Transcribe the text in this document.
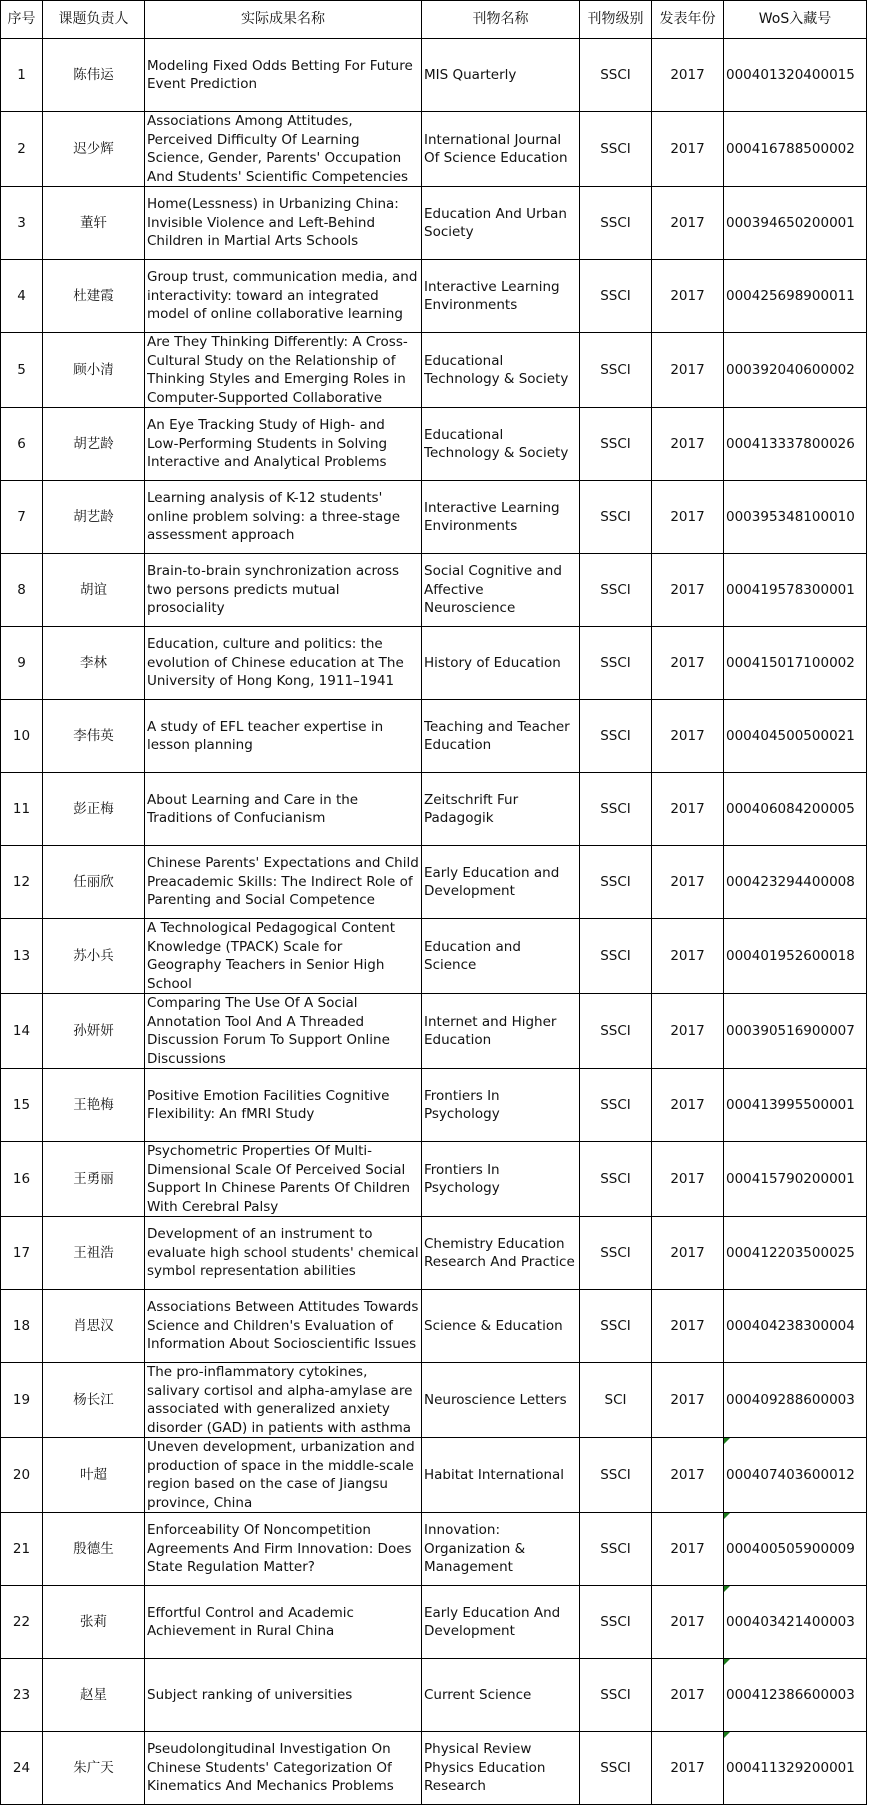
序号	课题负责人	实际成果名称	刊物名称	刊物级别	发表年份	WoS入藏号

1	陈伟运	Modeling Fixed Odds Betting For Future Event Prediction	MIS Quarterly	SSCI	2017	000401320400015

2	迟少辉	Associations Among Attitudes, Perceived Difficulty Of Learning Science, Gender, Parents' Occupation And Students' Scientific Competencies	International Journal Of Science Education	SSCI	2017	000416788500002

3	董轩	Home(Lessness) in Urbanizing China: Invisible Violence and Left-Behind Children in Martial Arts Schools	Education And Urban Society	SSCI	2017	000394650200001

4	杜建霞	Group trust, communication media, and interactivity: toward an integrated model of online collaborative learning	Interactive Learning Environments	SSCI	2017	000425698900011

5	顾小清	Are They Thinking Differently: A Cross-Cultural Study on the Relationship of Thinking Styles and Emerging Roles in Computer-Supported Collaborative	Educational Technology & Society	SSCI	2017	000392040600002

6	胡艺龄	An Eye Tracking Study of High- and Low-Performing Students in Solving Interactive and Analytical Problems	Educational Technology & Society	SSCI	2017	000413337800026

7	胡艺龄	Learning analysis of K-12 students' online problem solving: a three-stage assessment approach	Interactive Learning Environments	SSCI	2017	000395348100010

8	胡谊	Brain-to-brain synchronization across two persons predicts mutual prosociality	Social Cognitive and Affective Neuroscience	SSCI	2017	000419578300001

9	李林	Education, culture and politics: the evolution of Chinese education at The University of Hong Kong, 1911–1941	History of Education	SSCI	2017	000415017100002

10	李伟英	A study of EFL teacher expertise in lesson planning	Teaching and Teacher Education	SSCI	2017	000404500500021

11	彭正梅	About Learning and Care in the Traditions of Confucianism	Zeitschrift Fur Padagogik	SSCI	2017	000406084200005

12	任丽欣	Chinese Parents' Expectations and Child Preacademic Skills: The Indirect Role of Parenting and Social Competence	Early Education and Development	SSCI	2017	000423294400008

13	苏小兵	A Technological Pedagogical Content Knowledge (TPACK) Scale for Geography Teachers in Senior High School	Education and Science	SSCI	2017	000401952600018

14	孙妍妍	Comparing The Use Of A Social Annotation Tool And A Threaded Discussion Forum To Support Online Discussions	Internet and Higher Education	SSCI	2017	000390516900007

15	王艳梅	Positive Emotion Facilities Cognitive Flexibility: An fMRI Study	Frontiers In Psychology	SSCI	2017	000413995500001

16	王勇丽	Psychometric Properties Of Multi-Dimensional Scale Of Perceived Social Support In Chinese Parents Of Children With Cerebral Palsy	Frontiers In Psychology	SSCI	2017	000415790200001

17	王祖浩	Development of an instrument to evaluate high school students' chemical symbol representation abilities	Chemistry Education Research And Practice	SSCI	2017	000412203500025

18	肖思汉	Associations Between Attitudes Towards Science and Children's Evaluation of Information About Socioscientific Issues	Science & Education	SSCI	2017	000404238300004

19	杨长江	The pro-inflammatory cytokines, salivary cortisol and alpha-amylase are associated with generalized anxiety disorder (GAD) in patients with asthma	Neuroscience Letters	SCI	2017	000409288600003

20	叶超	Uneven development, urbanization and production of space in the middle-scale region based on the case of Jiangsu province, China	Habitat International	SSCI	2017	000407403600012

21	殷德生	Enforceability Of Noncompetition Agreements And Firm Innovation: Does State Regulation Matter?	Innovation: Organization & Management	SSCI	2017	000400505900009

22	张莉	Effortful Control and Academic Achievement in Rural China	Early Education And Development	SSCI	2017	000403421400003

23	赵星	Subject ranking of universities	Current Science	SSCI	2017	000412386600003

24	朱广天	Pseudolongitudinal Investigation On Chinese Students' Categorization Of Kinematics And Mechanics Problems	Physical Review Physics Education Research	SSCI	2017	000411329200001
